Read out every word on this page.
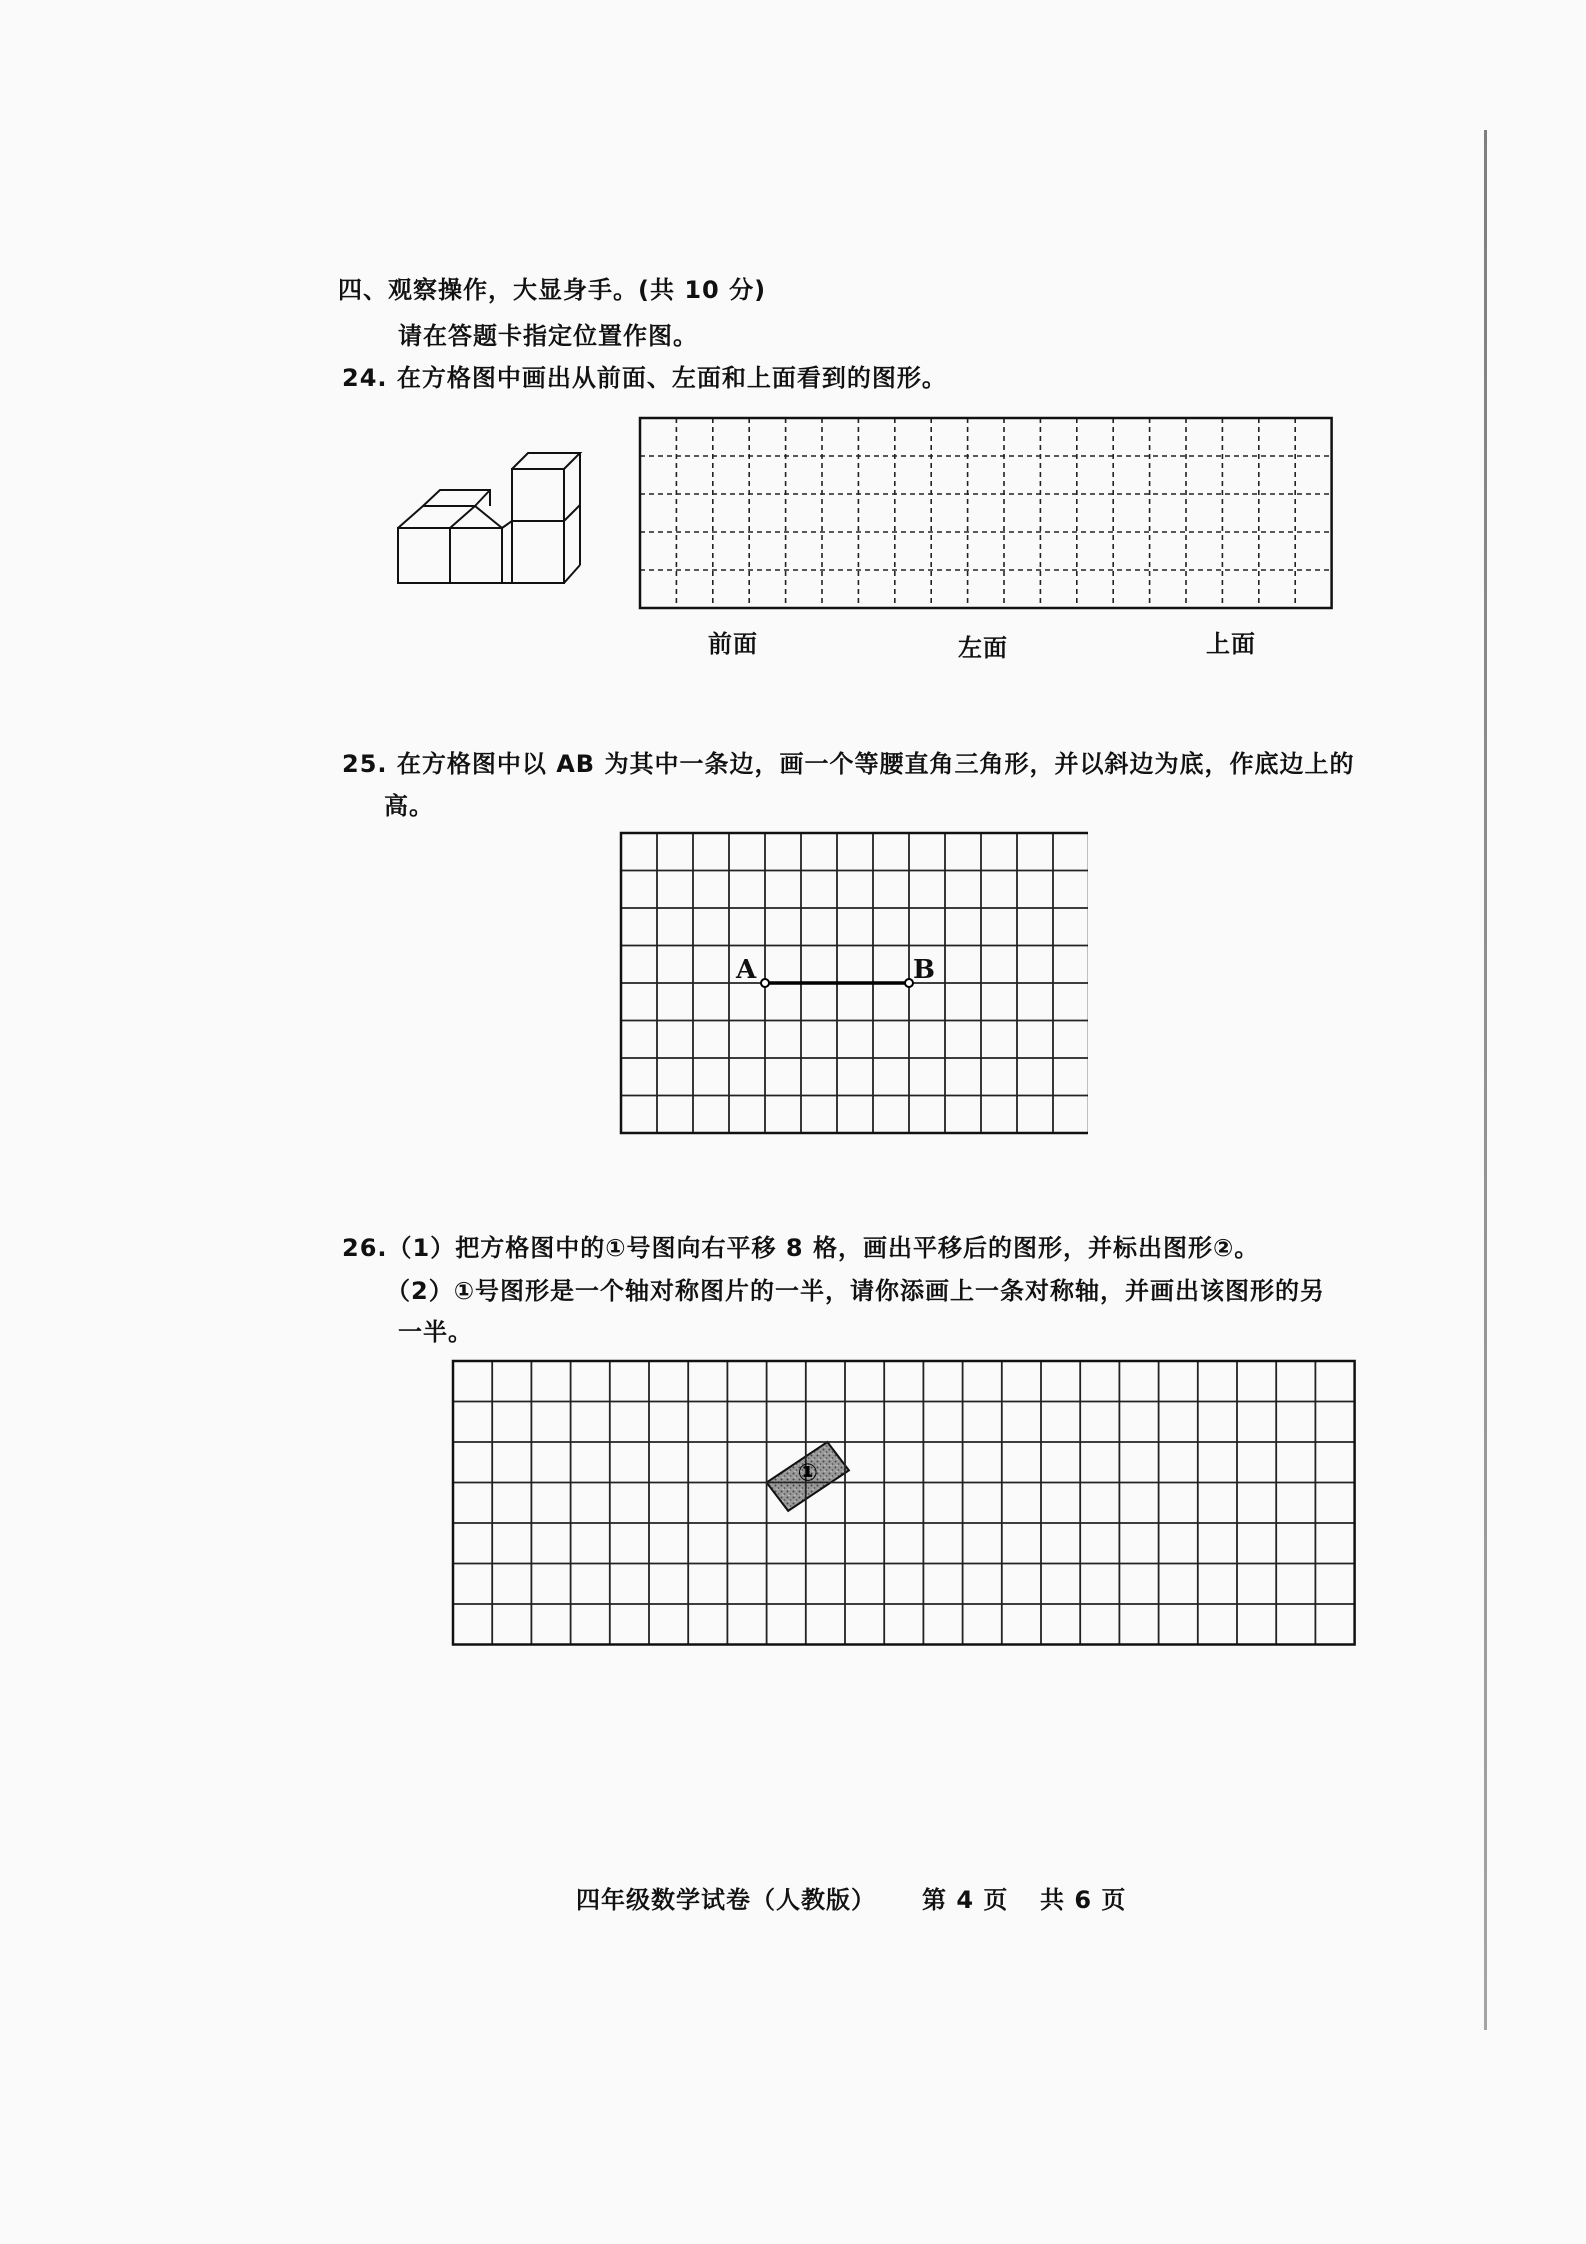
四、观察操作，大显身手。(共 10 分)
请在答题卡指定位置作图。
24. 在方格图中画出从前面、左面和上面看到的图形。
前面	左面	上面
25. 在方格图中以 AB 为其中一条边，画一个等腰直角三角形，并以斜边为底，作底边上的
高。
A	B
26.（1）把方格图中的①号图向右平移 8 格，画出平移后的图形，并标出图形②。
（2）①号图形是一个轴对称图片的一半，请你添画上一条对称轴，并画出该图形的另
一半。
①
四年级数学试卷（人教版） 第 4 页 共 6 页
